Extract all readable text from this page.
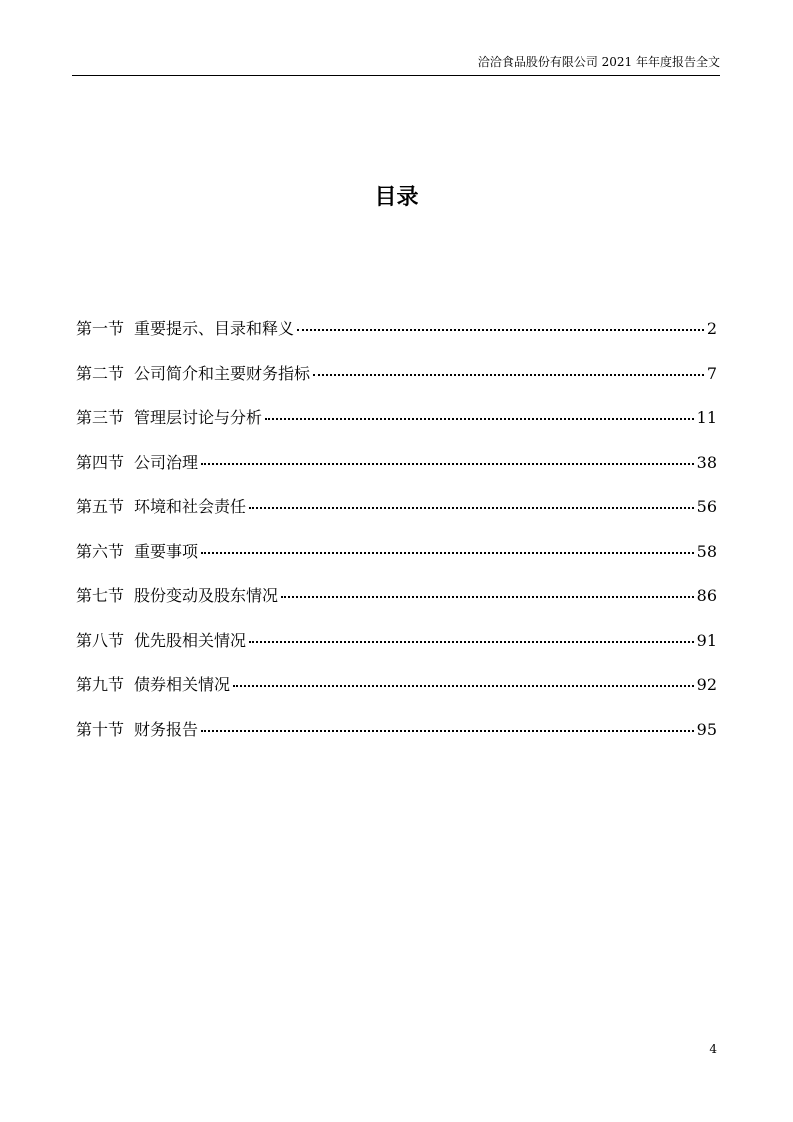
洽洽食品股份有限公司 2021 年年度报告全文
目录
第一节 重要提示、目录和释义	2
第二节 公司简介和主要财务指标	7
第三节 管理层讨论与分析	11
第四节 公司治理	38
第五节 环境和社会责任	56
第六节 重要事项	58
第七节 股份变动及股东情况	86
第八节 优先股相关情况	91
第九节 债券相关情况	92
第十节 财务报告	95
4
